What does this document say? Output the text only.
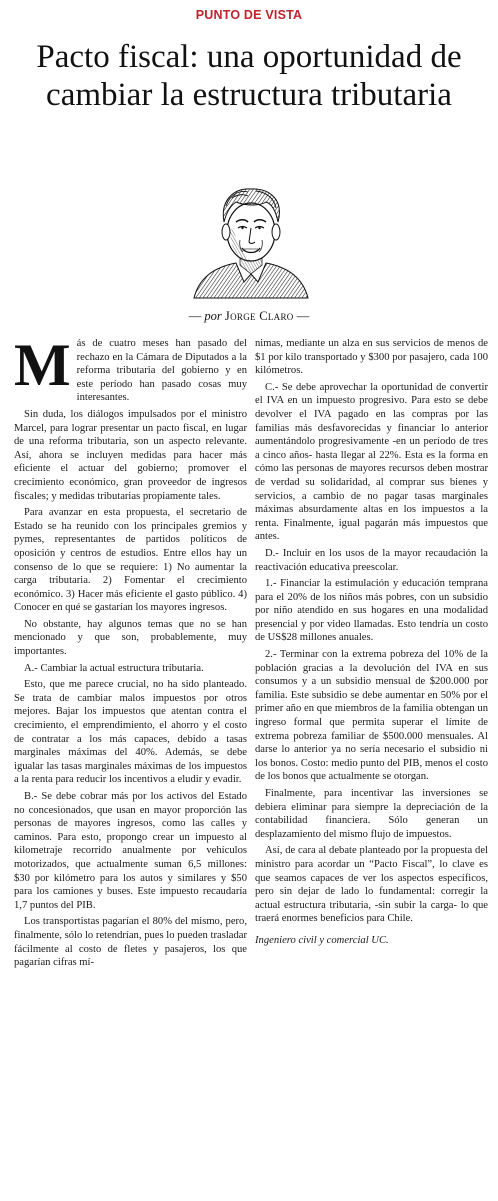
PUNTO DE VISTA
Pacto fiscal: una oportunidad de cambiar la estructura tributaria
— por Jorge Claro —

Más de cuatro meses han pasado del rechazo en la Cámara de Diputados a la reforma tributaria del gobierno y en este período han pasado cosas muy interesantes.

Sin duda, los diálogos impulsados por el ministro Marcel, para lograr presentar un pacto fiscal, en lugar de una reforma tributaria, son un aspecto relevante. Así, ahora se incluyen medidas para hacer más eficiente el actuar del gobierno; promover el crecimiento económico, gran proveedor de ingresos fiscales; y medidas tributarias propiamente tales.

Para avanzar en esta propuesta, el secretario de Estado se ha reunido con los principales gremios y pymes, representantes de partidos políticos de oposición y centros de estudios. Entre ellos hay un consenso de lo que se requiere: 1) No aumentar la carga tributaria. 2) Fomentar el crecimiento económico. 3) Hacer más eficiente el gasto público. 4) Conocer en qué se gastarían los mayores ingresos.

No obstante, hay algunos temas que no se han mencionado y que son, probablemente, muy importantes.

A.- Cambiar la actual estructura tributaria.

Esto, que me parece crucial, no ha sido planteado. Se trata de cambiar malos impuestos por otros mejores. Bajar los impuestos que atentan contra el crecimiento, el emprendimiento, el ahorro y el costo de contratar a los más capaces, debido a tasas marginales máximas del 40%. Además, se debe igualar las tasas marginales máximas de los impuestos a la renta para reducir los incentivos a eludir y evadir.

B.- Se debe cobrar más por los activos del Estado no concesionados, que usan en mayor proporción las personas de mayores ingresos, como las calles y caminos. Para esto, propongo crear un impuesto al kilometraje recorrido anualmente por vehículos motorizados, que actualmente suman 6,5 millones: $30 por kilómetro para los autos y similares y $50 para los camiones y buses. Este impuesto recaudaría 1,7 puntos del PIB.

Los transportistas pagarían el 80% del mismo, pero, finalmente, sólo lo retendrían, pues lo pueden trasladar fácilmente al costo de fletes y pasajeros, los que pagarían cifras mí-

nimas, mediante un alza en sus servicios de menos de $1 por kilo transportado y $300 por pasajero, cada 100 kilómetros.

C.- Se debe aprovechar la oportunidad de convertir el IVA en un impuesto progresivo. Para esto se debe devolver el IVA pagado en las compras por las familias más desfavorecidas y financiar lo anterior aumentándolo progresivamente -en un período de tres a cinco años- hasta llegar al 22%. Esta es la forma en cómo las personas de mayores recursos deben mostrar de verdad su solidaridad, al comprar sus bienes y servicios, a cambio de no pagar tasas marginales máximas absurdamente altas en los impuestos a la renta. Finalmente, igual pagarán más impuestos que antes.

D.- Incluir en los usos de la mayor recaudación la reactivación educativa preescolar.

1.- Financiar la estimulación y educación temprana para el 20% de los niños más pobres, con un subsidio por niño atendido en sus hogares en una modalidad presencial y por video llamadas. Esto tendría un costo de US$28 millones anuales.

2.- Terminar con la extrema pobreza del 10% de la población gracias a la devolución del IVA en sus consumos y a un subsidio mensual de $200.000 por familia. Este subsidio se debe aumentar en 50% por el primer año en que miembros de la familia obtengan un ingreso formal que permita superar el límite de extrema pobreza familiar de $500.000 mensuales. Al darse lo anterior ya no sería necesario el subsidio ni los bonos. Costo: medio punto del PIB, menos el costo de los bonos que actualmente se otorgan.

Finalmente, para incentivar las inversiones se debiera eliminar para siempre la depreciación de la contabilidad financiera. Sólo generan un desplazamiento del mismo flujo de impuestos.

Así, de cara al debate planteado por la propuesta del ministro para acordar un “Pacto Fiscal”, lo clave es que seamos capaces de ver los aspectos específicos, pero sin dejar de lado lo fundamental: corregir la actual estructura tributaria, -sin subir la carga- lo que traerá enormes beneficios para Chile.

Ingeniero civil y comercial UC.
